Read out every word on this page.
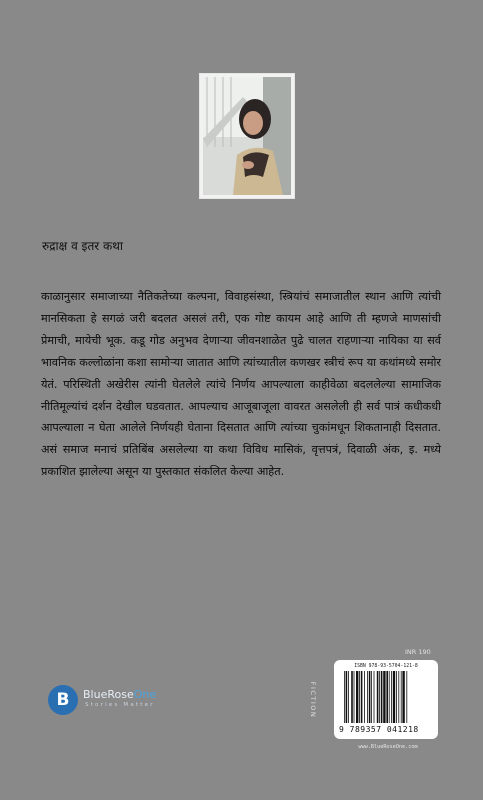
रुद्राक्ष व इतर कथा

काळानुसार समाजाच्या नैतिकतेच्या कल्पना, विवाहसंस्था, स्त्रियांचं समाजातील स्थान आणि त्यांची मानसिकता हे सगळं जरी बदलत असलं तरी, एक गोष्ट कायम आहे आणि ती म्हणजे माणसांची प्रेमाची, मायेची भूक. कडू गोड अनुभव देणाऱ्या जीवनशाळेत पुढे चालत राहणाऱ्या नायिका या सर्व भावनिक कल्लोळांना कशा सामोऱ्या जातात आणि त्यांच्यातील कणखर स्त्रीचं रूप या कथांमध्ये समोर येतं. परिस्थिती अखेरीस त्यांनी घेतलेले त्यांचे निर्णय आपल्याला काहीवेळा बदललेल्या सामाजिक नीतिमूल्यांचं दर्शन देखील घडवतात. आपल्याच आजूबाजूला वावरत असलेली ही सर्व पात्रं कधीकधी आपल्याला न घेता आलेले निर्णयही घेताना दिसतात आणि त्यांच्या चुकांमधून शिकतानाही दिसतात. असं समाज मनाचं प्रतिबिंब असलेल्या या कथा विविध मासिकं, वृत्तपत्रं, दिवाळी अंक, इ. मध्ये प्रकाशित झालेल्या असून या पुस्तकात संकलित केल्या आहेत.

B	BlueRoseOne
Stories Matter
INR 190
FICTION
ISBN 978-93-5704-121-8
9 789357 041218
www.BlueRoseOne.com
